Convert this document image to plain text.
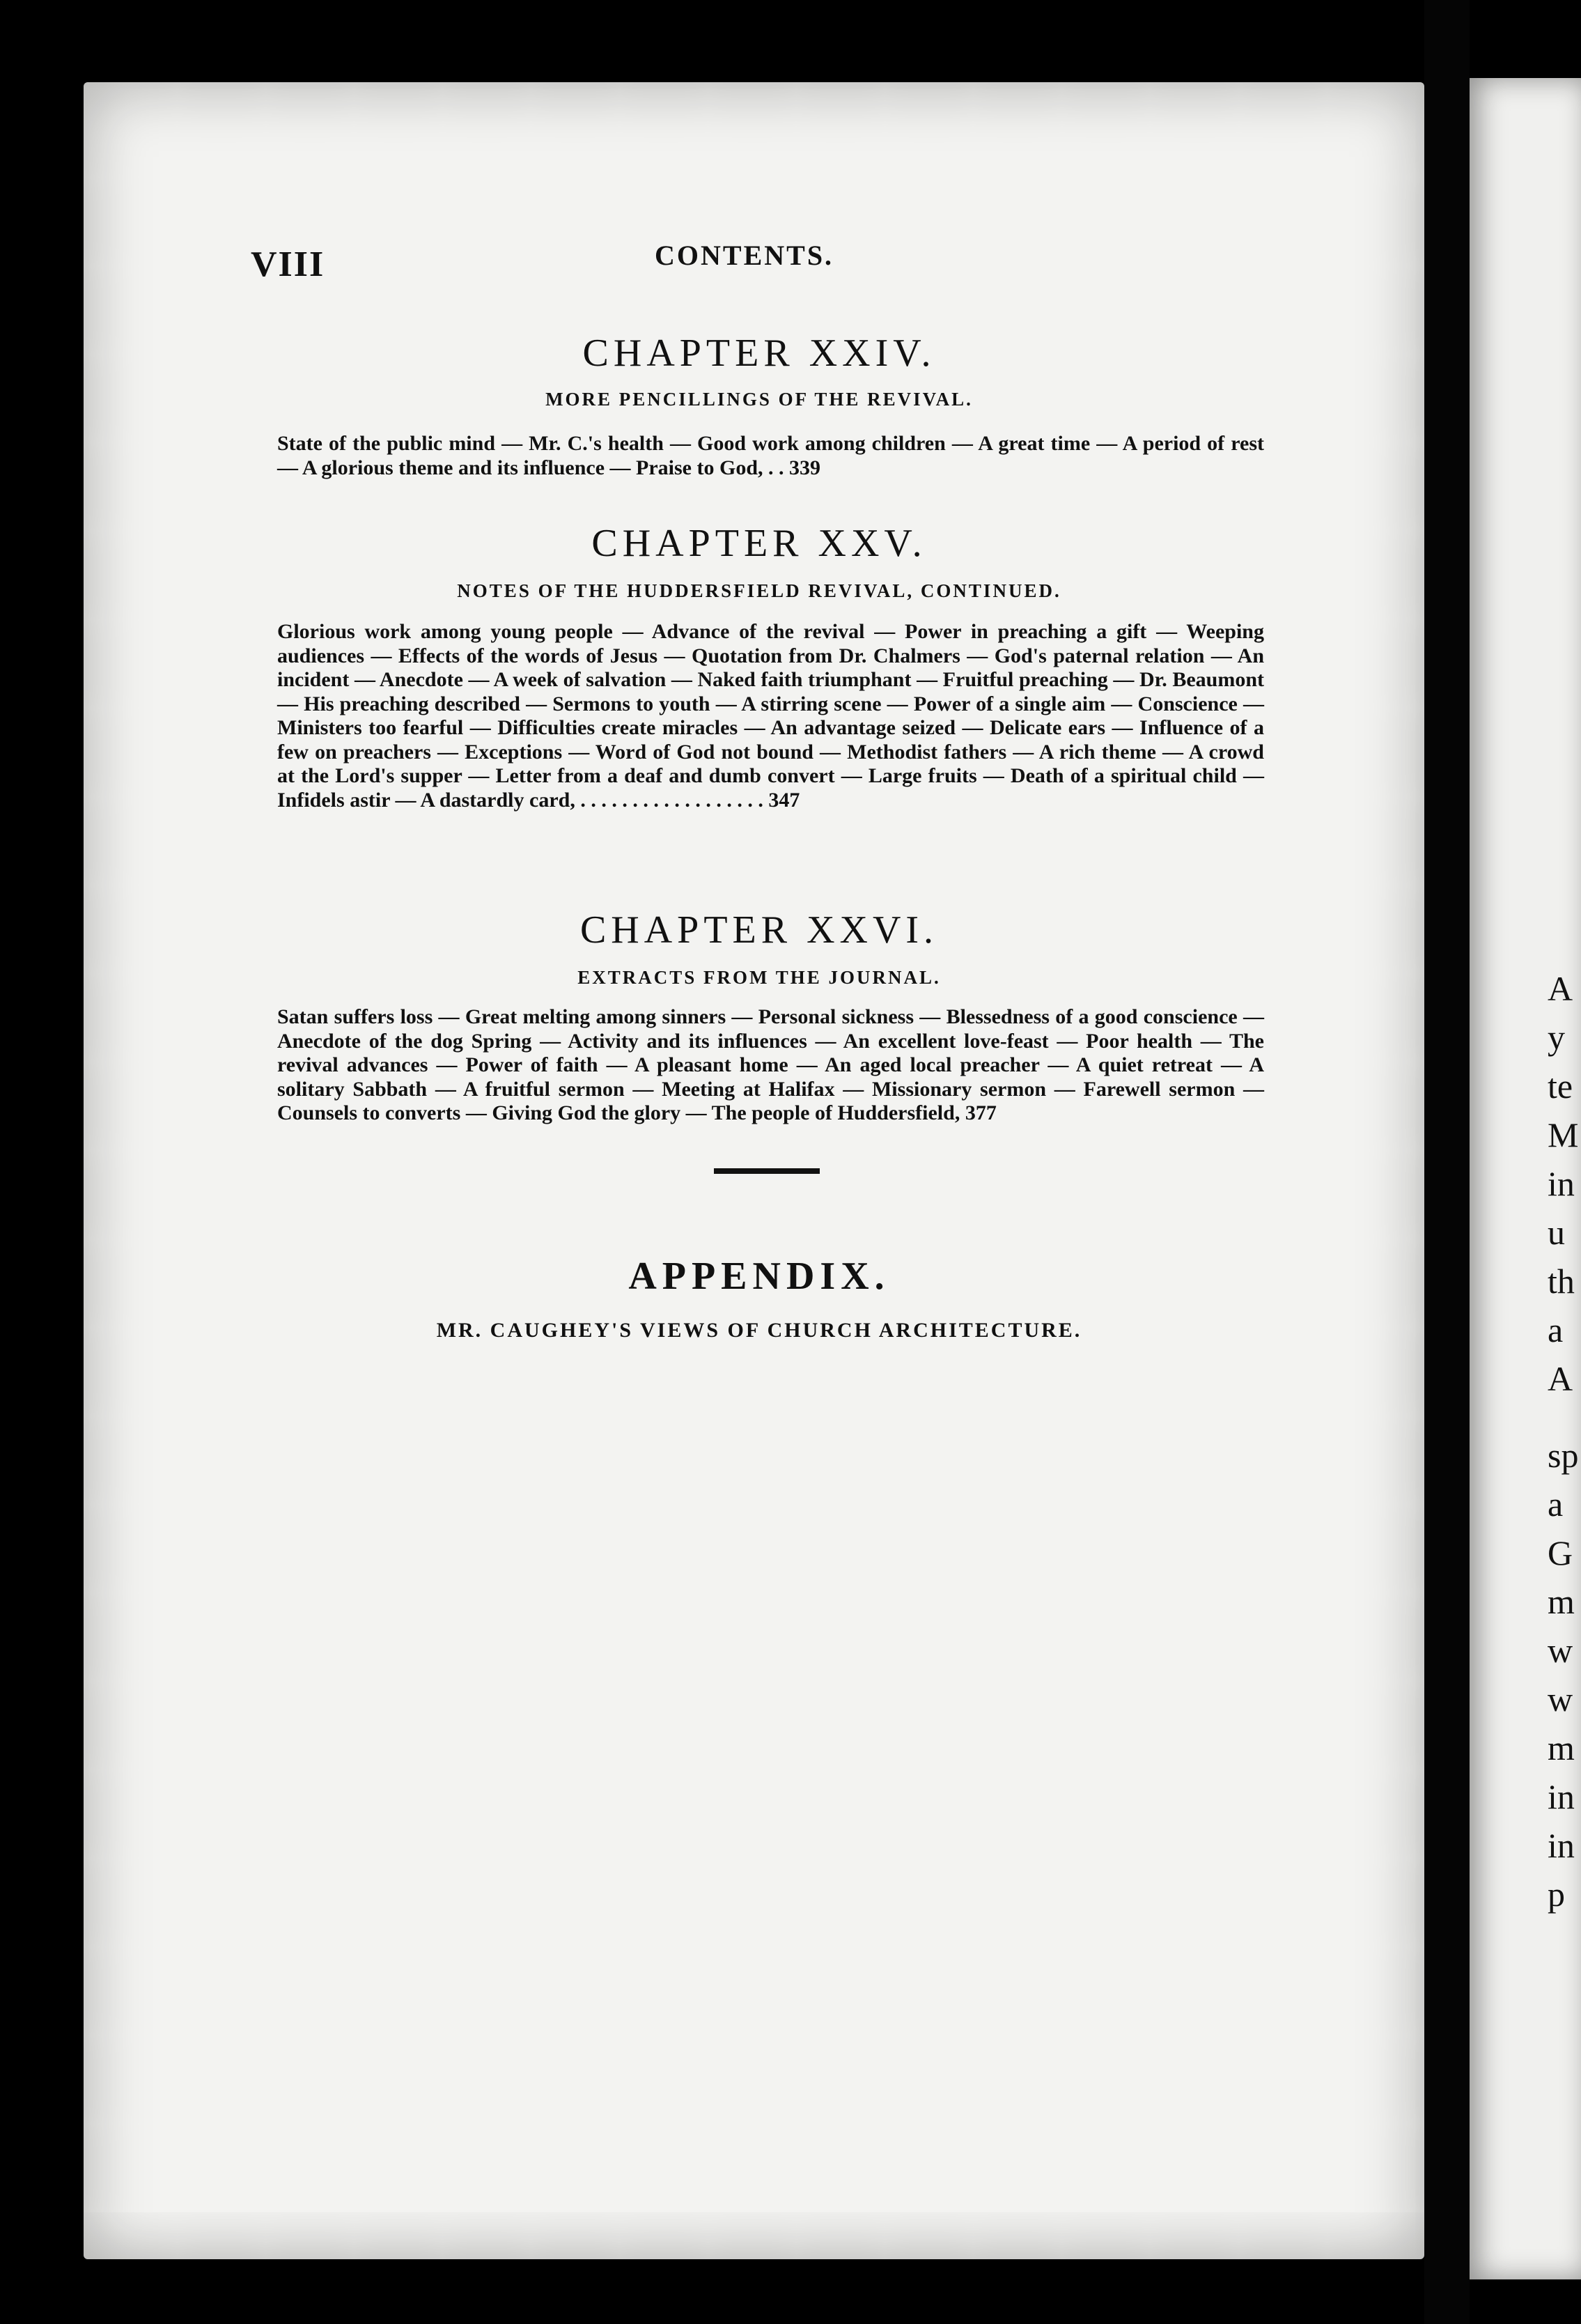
VIII	CONTENTS.
CHAPTER XXIV.
MORE PENCILLINGS OF THE REVIVAL.
State of the public mind — Mr. C.'s health — Good work among children — A great time — A period of rest — A glorious theme and its influence — Praise to God, . . 339
CHAPTER XXV.
NOTES OF THE HUDDERSFIELD REVIVAL, CONTINUED.
Glorious work among young people — Advance of the revival — Power in preaching a gift — Weeping audiences — Effects of the words of Jesus — Quotation from Dr. Chalmers — God's paternal relation — An incident — Anecdote — A week of salvation — Naked faith triumphant — Fruitful preaching — Dr. Beaumont — His preaching described — Sermons to youth — A stirring scene — Power of a single aim — Conscience — Ministers too fearful — Difficulties create miracles — An advantage seized — Delicate ears — Influence of a few on preachers — Exceptions — Word of God not bound — Methodist fathers — A rich theme — A crowd at the Lord's supper — Letter from a deaf and dumb convert — Large fruits — Death of a spiritual child — Infidels astir — A dastardly card, . . . . . . . . . . . . . . . . . . 347
CHAPTER XXVI.
EXTRACTS FROM THE JOURNAL.
Satan suffers loss — Great melting among sinners — Personal sickness — Blessedness of a good conscience — Anecdote of the dog Spring — Activity and its influences — An excellent love-feast — Poor health — The revival advances — Power of faith — A pleasant home — An aged local preacher — A quiet retreat — A solitary Sabbath — A fruitful sermon — Meeting at Halifax — Missionary sermon — Farewell sermon — Counsels to converts — Giving God the glory — The people of Huddersfield, 377
APPENDIX.
MR. CAUGHEY'S VIEWS OF CHURCH ARCHITECTURE.
A
y
te
M
in
u
th
a
A
sp
a
G
m
w
w
m
in
in
p
